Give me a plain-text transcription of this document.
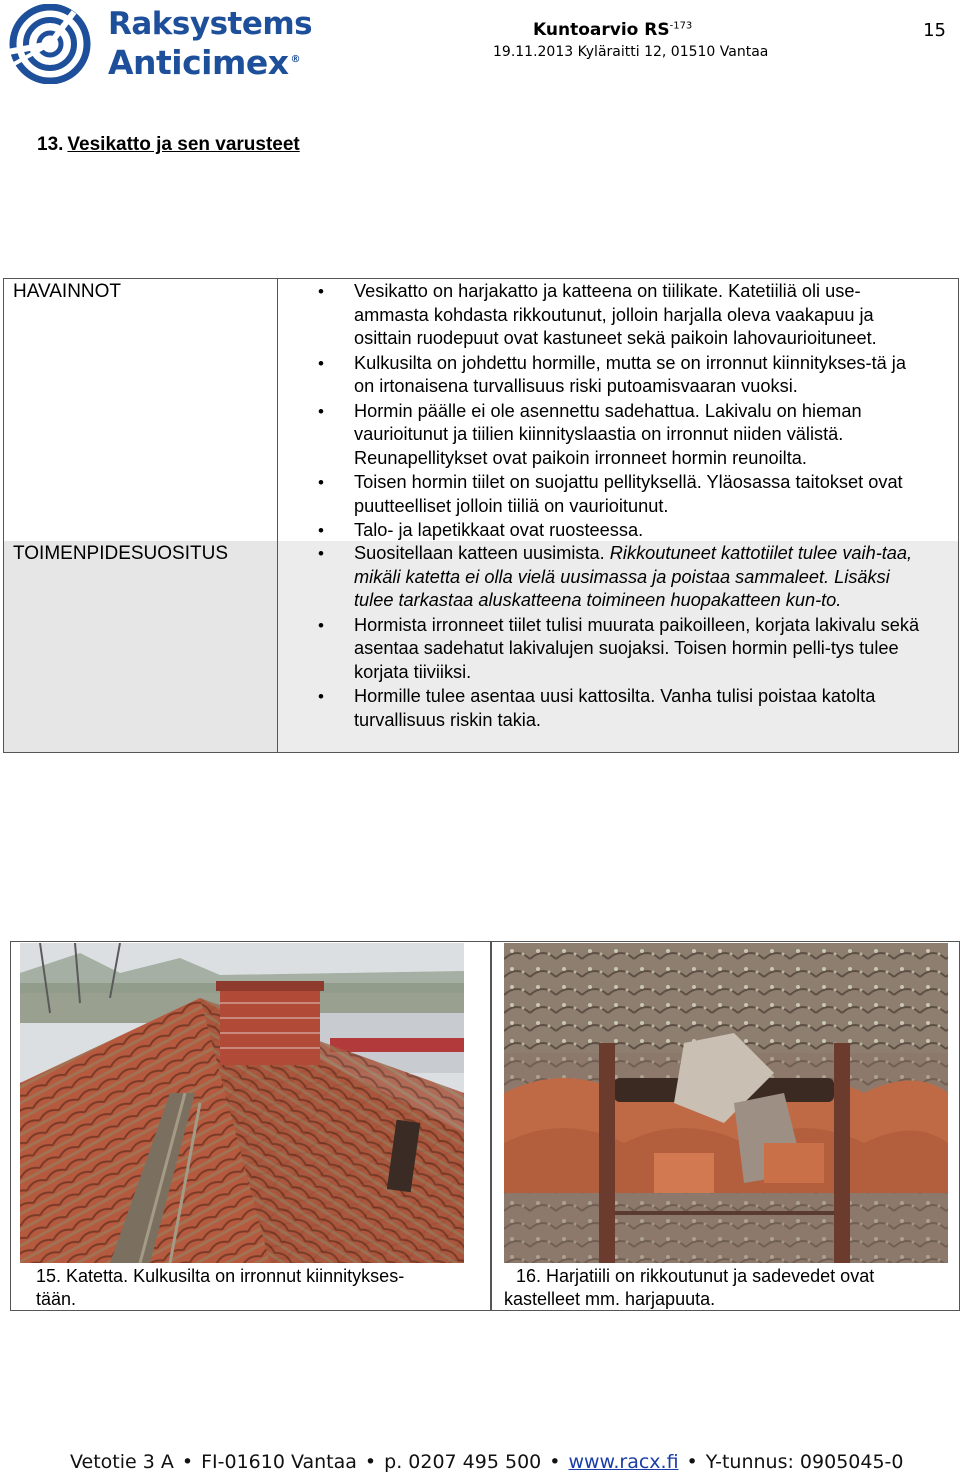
Raksystems
Anticimex ®
Kuntoarvio $RS^{-173}$
19.11.2013 Kyläraitti 12, 01510 Vantaa
15
13. Vesikatto ja sen varusteet
HAVAINNOT	• Vesikatto on harjakatto ja katteena on tiilikate. Katetiiliä oli use-ammasta kohdasta rikkoutunut, jolloin harjalla oleva vaakapuu ja osittain ruodepuut ovat kastuneet sekä paikoin lahovaurioituneet.
• Kulkusilta on johdettu hormille, mutta se on irronnut kiinnitykses-tä ja on irtonaisena turvallisuus riski putoamisvaaran vuoksi.
• Hormin päälle ei ole asennettu sadehattua. Lakivalu on hieman vaurioitunut ja tiilien kiinnityslaastia on irronnut niiden välistä. Reunapellitykset ovat paikoin irronneet hormin reunoilta.
• Toisen hormin tiilet on suojattu pellityksellä. Yläosassa taitokset ovat puutteelliset jolloin tiiliä on vaurioitunut.
• Talo- ja lapetikkaat ovat ruosteessa.
TOIMENPIDESUOSITUS	• Suositellaan katteen uusimista. Rikkoutuneet kattotiilet tulee vaih-taa, mikäli katetta ei olla vielä uusimassa ja poistaa sammaleet. Lisäksi tulee tarkastaa aluskatteena toimineen huopakatteen kun-to.
• Hormista irronneet tiilet tulisi muurata paikoilleen, korjata lakivalu sekä asentaa sadehatut lakivalujen suojaksi. Toisen hormin pelli-tys tulee korjata tiiviiksi.
• Hormille tulee asentaa uusi kattosilta. Vanha tulisi poistaa katolta turvallisuus riskin takia.
15. Katetta. Kulkusilta on irronnut kiinnitykses-
tään.
16. Harjatiili on rikkoutunut ja sadevedet ovat
kastelleet mm. harjapuuta.
Vetotie 3 A • FI-01610 Vantaa • p. 0207 495 500 • www.racx.fi • Y-tunnus: 0905045-0
